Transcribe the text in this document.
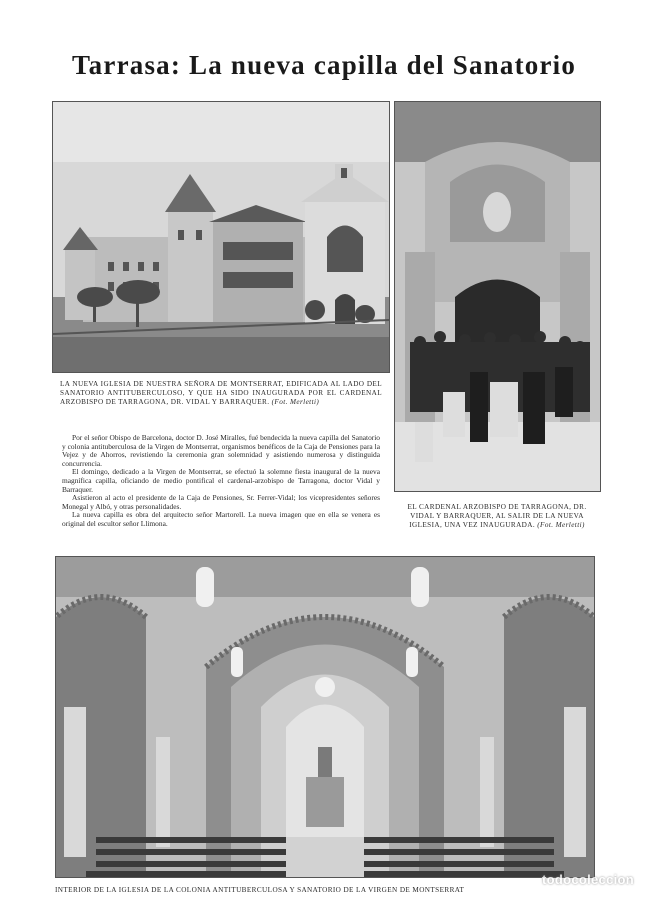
Tarrasa: La nueva capilla del Sanatorio
LA NUEVA IGLESIA DE NUESTRA SEÑORA DE MONTSERRAT, EDIFICADA AL LADO DEL SANATORIO ANTITUBERCULOSO, Y QUE HA SIDO INAUGURADA POR EL CARDENAL ARZOBISPO DE TARRAGONA, DR. VIDAL Y BARRAQUER. (Fot. Merletti)

Por el señor Obispo de Barcelona, doctor D. José Miralles, fué bendecida la nueva capilla del Sanatorio y colonia antituberculosa de la Virgen de Montserrat, organismos benéficos de la Caja de Pensiones para la Vejez y de Ahorros, revistiendo la ceremonia gran solemnidad y asistiendo numerosa y distinguida concurrencia.

El domingo, dedicado a la Virgen de Montserrat, se efectuó la solemne fiesta inaugural de la nueva magnífica capilla, oficiando de medio pontifical el cardenal-arzobispo de Tarragona, doctor Vidal y Barraquer.

Asistieron al acto el presidente de la Caja de Pensiones, Sr. Ferrer-Vidal; los vicepresidentes señores Monegal y Albó, y otras personalidades.

La nueva capilla es obra del arquitecto señor Martorell. La nueva imagen que en ella se venera es original del escultor señor Llimona.

EL CARDENAL ARZOBISPO DE TARRAGONA, DR. VIDAL Y BARRAQUER, AL SALIR DE LA NUEVA IGLESIA, UNA VEZ INAUGURADA. (Fot. Merletti)
todocoleccion
INTERIOR DE LA IGLESIA DE LA COLONIA ANTITUBERCULOSA Y SANATORIO DE LA VIRGEN DE MONTSERRAT
